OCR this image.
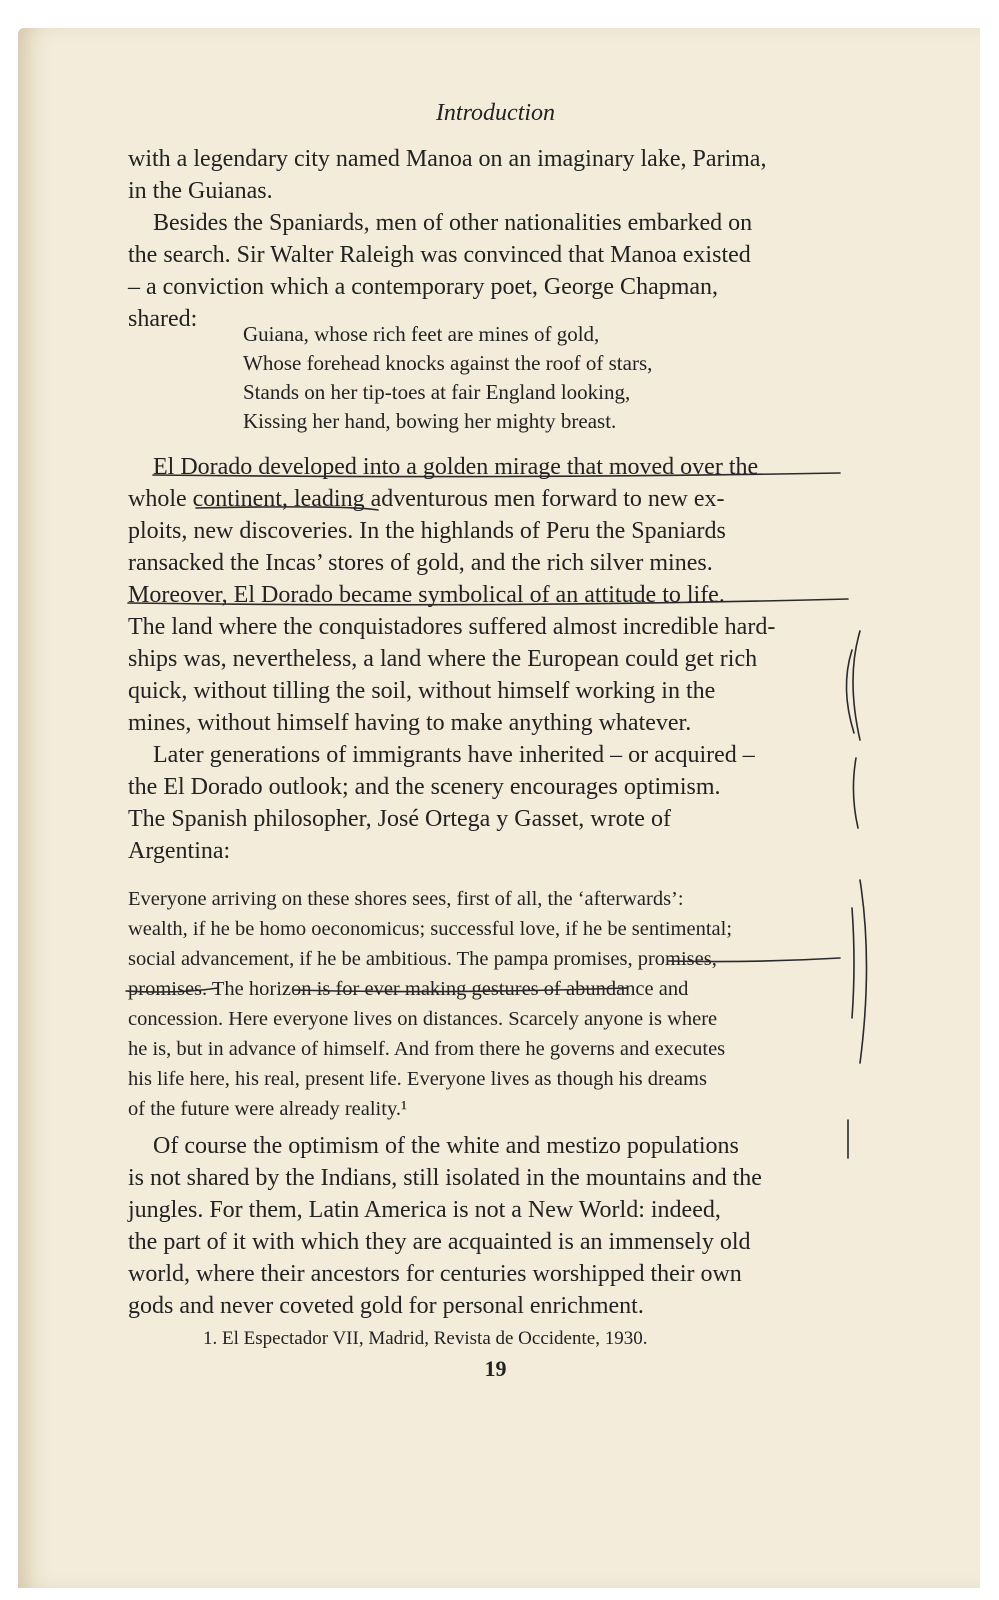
Introduction
with a legendary city named Manoa on an imaginary lake, Parima,
in the Guianas.
Besides the Spaniards, men of other nationalities embarked on
the search. Sir Walter Raleigh was convinced that Manoa existed
– a conviction which a contemporary poet, George Chapman,
shared:
Guiana, whose rich feet are mines of gold,
Whose forehead knocks against the roof of stars,
Stands on her tip-toes at fair England looking,
Kissing her hand, bowing her mighty breast.
El Dorado developed into a golden mirage that moved over the
whole continent, leading adventurous men forward to new ex-
ploits, new discoveries. In the highlands of Peru the Spaniards
ransacked the Incas’ stores of gold, and the rich silver mines.
Moreover, El Dorado became symbolical of an attitude to life.
The land where the conquistadores suffered almost incredible hard-
ships was, nevertheless, a land where the European could get rich
quick, without tilling the soil, without himself working in the
mines, without himself having to make anything whatever.
Later generations of immigrants have inherited – or acquired –
the El Dorado outlook; and the scenery encourages optimism.
The Spanish philosopher, José Ortega y Gasset, wrote of
Argentina:
Everyone arriving on these shores sees, first of all, the ‘afterwards’:
wealth, if he be homo oeconomicus; successful love, if he be sentimental;
social advancement, if he be ambitious. The pampa promises, promises,
promises. The horizon is for ever making gestures of abundance and
concession. Here everyone lives on distances. Scarcely anyone is where
he is, but in advance of himself. And from there he governs and executes
his life here, his real, present life. Everyone lives as though his dreams
of the future were already reality.¹
Of course the optimism of the white and mestizo populations
is not shared by the Indians, still isolated in the mountains and the
jungles. For them, Latin America is not a New World: indeed,
the part of it with which they are acquainted is an immensely old
world, where their ancestors for centuries worshipped their own
gods and never coveted gold for personal enrichment.
1. El Espectador VII, Madrid, Revista de Occidente, 1930.
19
